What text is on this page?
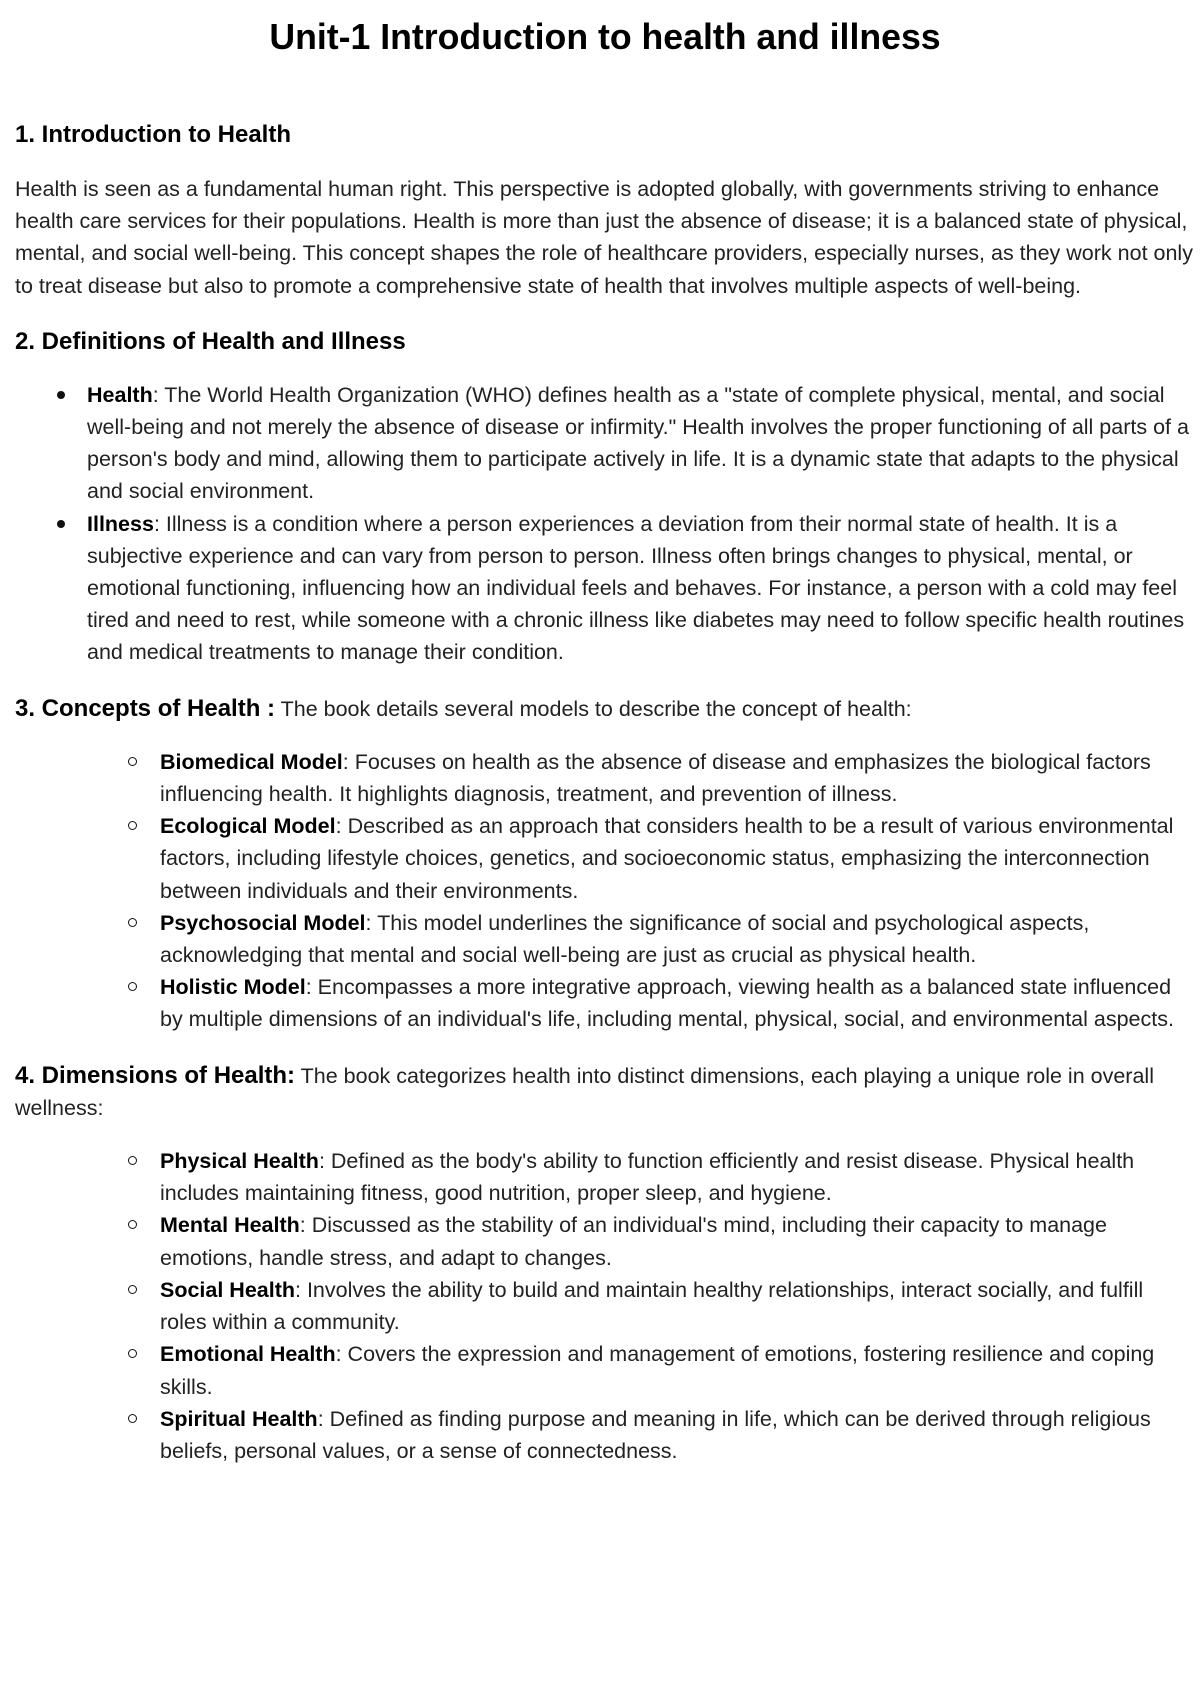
Unit-1 Introduction to health and illness
1. Introduction to Health

Health is seen as a fundamental human right. This perspective is adopted globally, with governments striving to enhance health care services for their populations. Health is more than just the absence of disease; it is a balanced state of physical, mental, and social well-being. This concept shapes the role of healthcare providers, especially nurses, as they work not only to treat disease but also to promote a comprehensive state of health that involves multiple aspects of well-being.

2. Definitions of Health and Illness
Health: The World Health Organization (WHO) defines health as a "state of complete physical, mental, and social well-being and not merely the absence of disease or infirmity." Health involves the proper functioning of all parts of a person's body and mind, allowing them to participate actively in life. It is a dynamic state that adapts to the physical and social environment.
Illness: Illness is a condition where a person experiences a deviation from their normal state of health. It is a subjective experience and can vary from person to person. Illness often brings changes to physical, mental, or emotional functioning, influencing how an individual feels and behaves. For instance, a person with a cold may feel tired and need to rest, while someone with a chronic illness like diabetes may need to follow specific health routines and medical treatments to manage their condition.

3. Concepts of Health : The book details several models to describe the concept of health:

Biomedical Model: Focuses on health as the absence of disease and emphasizes the biological factors influencing health. It highlights diagnosis, treatment, and prevention of illness.
Ecological Model: Described as an approach that considers health to be a result of various environmental factors, including lifestyle choices, genetics, and socioeconomic status, emphasizing the interconnection between individuals and their environments.
Psychosocial Model: This model underlines the significance of social and psychological aspects, acknowledging that mental and social well-being are just as crucial as physical health.
Holistic Model: Encompasses a more integrative approach, viewing health as a balanced state influenced by multiple dimensions of an individual's life, including mental, physical, social, and environmental aspects.

4. Dimensions of Health: The book categorizes health into distinct dimensions, each playing a unique role in overall wellness:

Physical Health: Defined as the body's ability to function efficiently and resist disease. Physical health includes maintaining fitness, good nutrition, proper sleep, and hygiene.
Mental Health: Discussed as the stability of an individual's mind, including their capacity to manage emotions, handle stress, and adapt to changes.
Social Health: Involves the ability to build and maintain healthy relationships, interact socially, and fulfill roles within a community.
Emotional Health: Covers the expression and management of emotions, fostering resilience and coping skills.
Spiritual Health: Defined as finding purpose and meaning in life, which can be derived through religious beliefs, personal values, or a sense of connectedness.
